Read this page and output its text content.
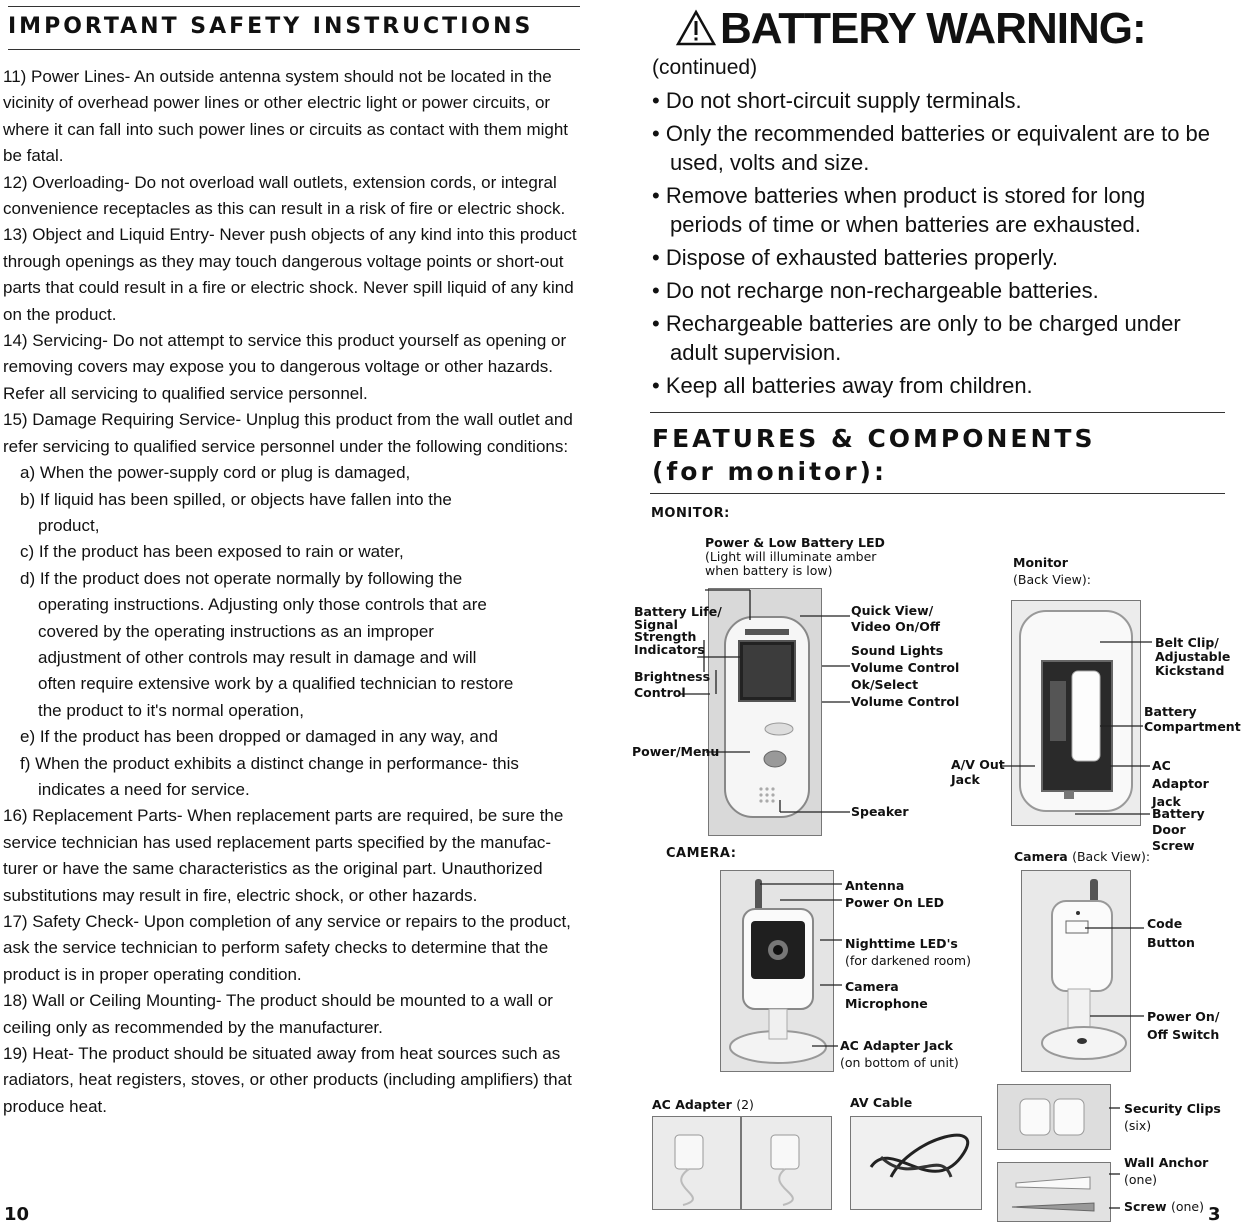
IMPORTANT SAFETY INSTRUCTIONS

11) Power Lines- An outside antenna system should not be located in the vicinity of overhead power lines or other electric light or power circuits, or where it can fall into such power lines or circuits as contact with them might be fatal.

12) Overloading- Do not overload wall outlets, extension cords, or integral convenience receptacles as this can result in a risk of fire or electric shock.

13) Object and Liquid Entry- Never push objects of any kind into this product through openings as they may touch dangerous voltage points or short-out parts that could result in a fire or electric shock. Never spill liquid of any kind on the product.

14) Servicing- Do not attempt to service this product yourself as opening or removing covers may expose you to dangerous voltage or other hazards. Refer all servicing to qualified service personnel.

15) Damage Requiring Service- Unplug this product from the wall outlet and refer servicing to qualified service personnel under the following conditions:

a) When the power-supply cord or plug is damaged,

b) If liquid has been spilled, or objects have fallen into the product,

c) If the product has been exposed to rain or water,

d) If the product does not operate normally by following the operating instructions. Adjusting only those controls that are covered by the operating instructions as an improper adjustment of other controls may result in damage and will often require extensive work by a qualified technician to restore the product to it's normal operation,

e) If the product has been dropped or damaged in any way, and

f) When the product exhibits a distinct change in performance- this indicates a need for service.

16) Replacement Parts- When replacement parts are required, be sure the service technician has used replacement parts specified by the manufac-turer or have the same characteristics as the original part. Unauthorized substitutions may result in fire, electric shock, or other hazards.

17) Safety Check- Upon completion of any service or repairs to the product, ask the service technician to perform safety checks to determine that the product is in proper operating condition.

18) Wall or Ceiling Mounting- The product should be mounted to a wall or ceiling only as recommended by the manufacturer.

19) Heat- The product should be situated away from heat sources such as radiators, heat registers, stoves, or other products (including amplifiers) that produce heat.

10
BATTERY WARNING:
(continued)
• Do not short-circuit supply terminals.
• Only the recommended batteries or equivalent are to be used, volts and size.
• Remove batteries when product is stored for long periods of time or when batteries are exhausted.
• Dispose of exhausted batteries properly.
• Do not recharge non-rechargeable batteries.
• Rechargeable batteries are only to be charged under adult supervision.
• Keep all batteries away from children.
FEATURES & COMPONENTS
(for monitor):
MONITOR:
CAMERA:
Power & Low Battery LED
(Light will illuminate amber
when battery is low)
Battery Life/
Signal
Strength
Indicators
Brightness
Control
Power/Menu
Quick View/
Video On/Off
Sound Lights
Volume Control
Ok/Select
Volume Control
Speaker
Monitor
(Back View):
Belt Clip/
Adjustable
Kickstand
Battery
Compartment
A/V Out
Jack
AC Adaptor
Jack
Battery
Door Screw
Antenna
Power On LED
Nighttime LED's
(for darkened room)
Camera
Microphone
AC Adapter Jack
(on bottom of unit)
Camera (Back View):
Code
Button
Power On/
Off Switch
AC Adapter (2)	AV Cable	Security Clips
(six)
Wall Anchor
(one)
Screw (one) 3
